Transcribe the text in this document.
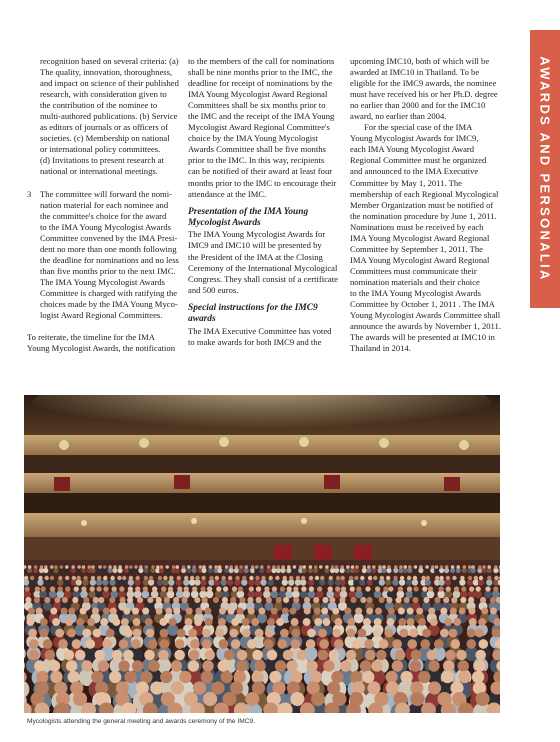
AWARDS AND PERSONALIA
recognition based on several criteria: (a)
The quality, innovation, thoroughness,
and impact on science of their published
research, with consideration given to
the contribution of the nominee to
multi-authored publications. (b) Service
as editors of journals or as officers of
societies. (c) Membership on national
or international policy committees.
(d) Invitations to present research at
national or international meetings.
3 The committee will forward the nomi-
nation material for each nominee and
the committee's choice for the award
to the IMA Young Mycologist Awards
Committee convened by the IMA Presi-
dent no more than one month following
the deadline for nominations and no less
than five months prior to the next IMC.
The IMA Young Mycologist Awards
Committee is charged with ratifying the
choices made by the IMA Young Myco-
logist Award Regional Committees.
To reiterate, the timeline for the IMA
Young Mycologist Awards, the notification
to the members of the call for nominations
shall be nine months prior to the IMC, the
deadline for receipt of nominations by the
IMA Young Mycologist Award Regional
Committees shall be six months prior to
the IMC and the receipt of the IMA Young
Mycologist Award Regional Committee's
choice by the IMA Young Mycologist
Awards Committee shall be five months
prior to the IMC. In this way, recipients
can be notified of their award at least four
months prior to the IMC to encourage their
attendance at the IMC.
Presentation of the IMA Young
Mycologist Awards
The IMA Young Mycologist Awards for
IMC9 and IMC10 will be presented by
the President of the IMA at the Closing
Ceremony of the International Mycological
Congress. They shall consist of a certificate
and 500 euros.
Special instructions for the IMC9
awards
The IMA Executive Committee has voted
to make awards for both IMC9 and the
upcoming IMC10, both of which will be
awarded at IMC10 in Thailand. To be
eligible for the IMC9 awards, the nominee
must have received his or her Ph.D. degree
no earlier than 2000 and for the IMC10
award, no earlier than 2004.
For the special case of the IMA
Young Mycologist Awards for IMC9,
each IMA Young Mycologist Award
Regional Committee must be organized
and announced to the IMA Executive
Committee by May 1, 2011. The
membership of each Regional Mycological
Member Organization must be notified of
the nomination procedure by June 1, 2011.
Nominations must be received by each
IMA Young Mycologist Award Regional
Committee by September 1, 2011. The
IMA Young Mycologist Award Regional
Committees must communicate their
nomination materials and their choice
to the IMA Young Mycologist Awards
Committee by October 1, 2011 . The IMA
Young Mycologist Awards Committee shall
announce the awards by November 1, 2011.
The awards will be presented at IMC10 in
Thailand in 2014.
Mycologists attending the general meeting and awards ceremony of the IMC9.
